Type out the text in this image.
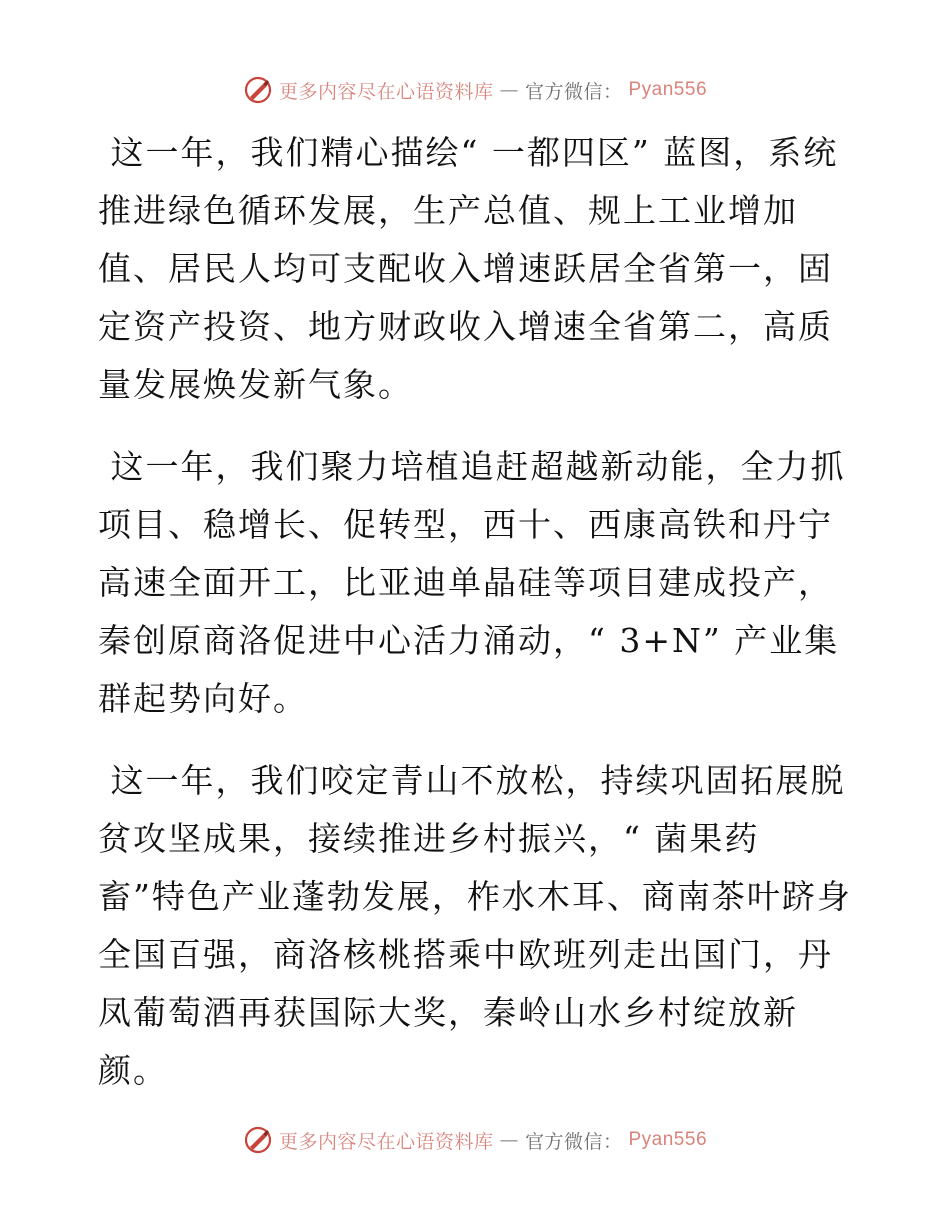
更多内容尽在心语资料库 — 官方微信： Pyan556

这一年，我们精心描绘“ 一都四区” 蓝图，系统推进绿色循环发展，生产总值、规上工业增加值、居民人均可支配收入增速跃居全省第一，固定资产投资、地方财政收入增速全省第二，高质量发展焕发新气象。

这一年，我们聚力培植追赶超越新动能，全力抓项目、稳增长、促转型，西十、西康高铁和丹宁高速全面开工，比亚迪单晶硅等项目建成投产，秦创原商洛促进中心活力涌动，“ 3+N” 产业集群起势向好。

这一年，我们咬定青山不放松，持续巩固拓展脱贫攻坚成果，接续推进乡村振兴，“ 菌果药
畜”特色产业蓬勃发展，柞水木耳、商南茶叶跻身全国百强，商洛核桃搭乘中欧班列走出国门，丹凤葡萄酒再获国际大奖，秦岭山水乡村绽放新颜。

更多内容尽在心语资料库 — 官方微信： Pyan556
